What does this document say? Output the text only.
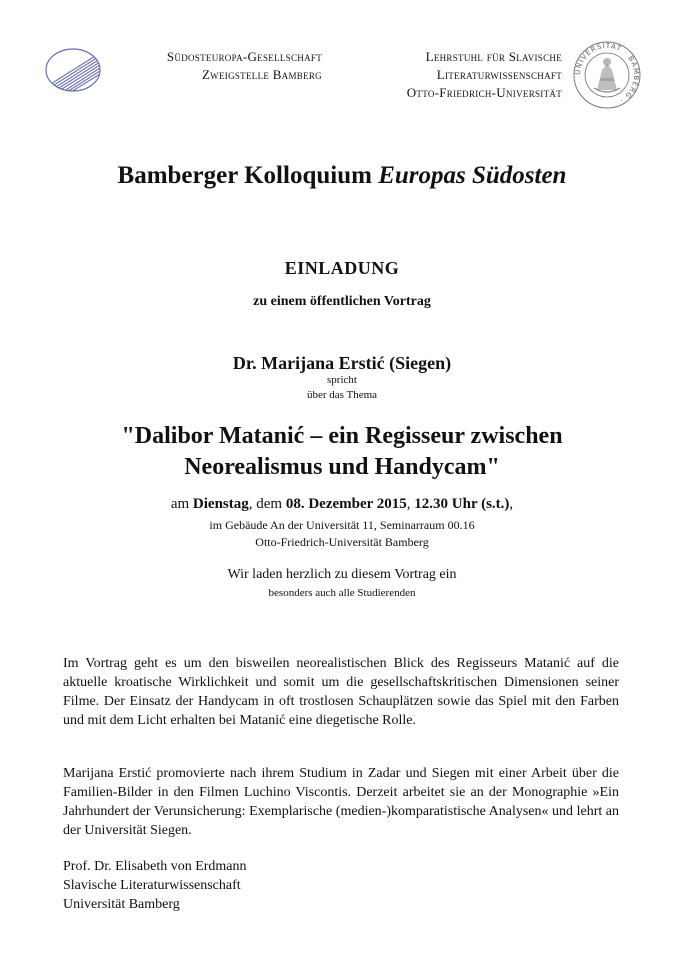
Südosteuropa-Gesellschaft
Zweigstelle Bamberg
Lehrstuhl für Slavische
Literaturwissenschaft
Otto-Friedrich-Universität
UNIVERSITÄT · BAMBERG ·
Bamberger Kolloquium Europas Südosten
EINLADUNG
zu einem öffentlichen Vortrag
Dr. Marijana Erstić (Siegen)
spricht
über das Thema
"Dalibor Matanić – ein Regisseur zwischen
Neorealismus und Handycam"
am Dienstag, dem 08. Dezember 2015, 12.30 Uhr (s.t.),
im Gebäude An der Universität 11, Seminarraum 00.16
Otto-Friedrich-Universität Bamberg
Wir laden herzlich zu diesem Vortrag ein
besonders auch alle Studierenden
Im Vortrag geht es um den bisweilen neorealistischen Blick des Regisseurs Matanić auf die aktuelle kroatische Wirklichkeit und somit um die gesellschaftskritischen Dimensionen seiner Filme. Der Einsatz der Handycam in oft trostlosen Schauplätzen sowie das Spiel mit den Farben und mit dem Licht erhalten bei Matanić eine diegetische Rolle.
Marijana Erstić promovierte nach ihrem Studium in Zadar und Siegen mit einer Arbeit über die Familien-Bilder in den Filmen Luchino Viscontis. Derzeit arbeitet sie an der Monographie »Ein Jahrhundert der Verunsicherung: Exemplarische (medien-)komparatistische Analysen« und lehrt an der Universität Siegen.
Prof. Dr. Elisabeth von Erdmann
Slavische Literaturwissenschaft
Universität Bamberg
